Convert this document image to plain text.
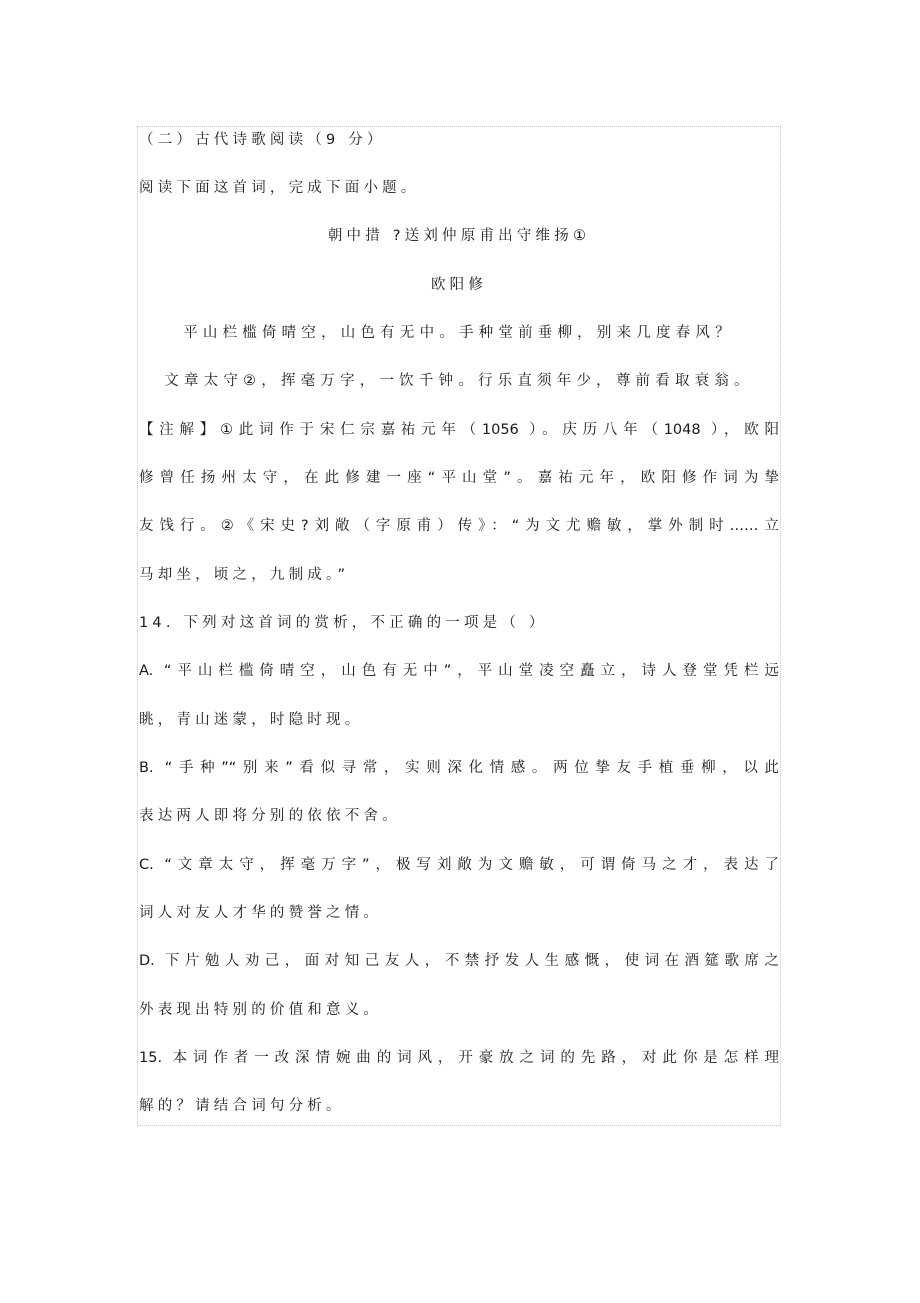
（二）古代诗歌阅读（9 分）
阅读下面这首词，完成下面小题。
朝中措 ?送刘仲原甫出守维扬①
欧阳修
平山栏槛倚晴空，山色有无中。手种堂前垂柳，别来几度春风？
文章太守②，挥毫万字，一饮千钟。行乐直须年少，尊前看取衰翁。
【注解】①此词作于宋仁宗嘉祐元年（1056 ）。庆历八年（1048 ），欧阳
修曾任扬州太守，在此修建一座“平山堂”。嘉祐元年，欧阳修作词为挚
友饯行。②《宋史?刘敞（字原甫）传》：“为文尤赡敏，掌外制时……立
马却坐，顷之，九制成。”
14. 下列对这首词的赏析，不正确的一项是（ ）
A. “平山栏槛倚晴空，山色有无中”，平山堂凌空矗立，诗人登堂凭栏远
眺，青山迷蒙，时隐时现。
B. “手种”“别来”看似寻常，实则深化情感。两位挚友手植垂柳，以此
表达两人即将分别的依依不舍。
C. “文章太守，挥毫万字”，极写刘敞为文赡敏，可谓倚马之才，表达了
词人对友人才华的赞誉之情。
D. 下片勉人劝己，面对知己友人，不禁抒发人生感慨，使词在酒筵歌席之
外表现出特别的价值和意义。
15. 本词作者一改深情婉曲的词风，开豪放之词的先路，对此你是怎样理
解的？请结合词句分析。
